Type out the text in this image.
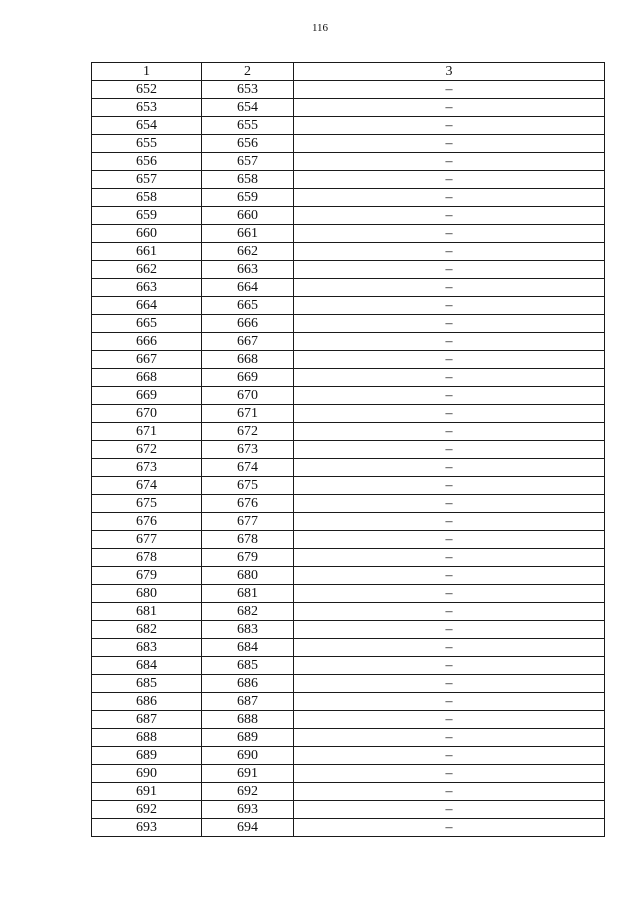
116
1	2	3
652	653	–
653	654	–
654	655	–
655	656	–
656	657	–
657	658	–
658	659	–
659	660	–
660	661	–
661	662	–
662	663	–
663	664	–
664	665	–
665	666	–
666	667	–
667	668	–
668	669	–
669	670	–
670	671	–
671	672	–
672	673	–
673	674	–
674	675	–
675	676	–
676	677	–
677	678	–
678	679	–
679	680	–
680	681	–
681	682	–
682	683	–
683	684	–
684	685	–
685	686	–
686	687	–
687	688	–
688	689	–
689	690	–
690	691	–
691	692	–
692	693	–
693	694	–
